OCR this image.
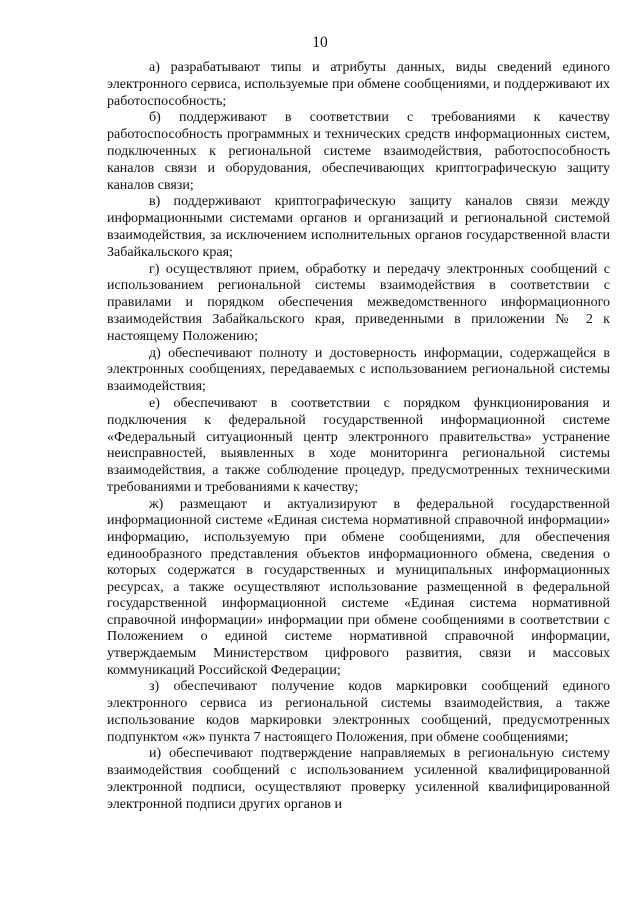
10

а) разрабатывают типы и атрибуты данных, виды сведений единого электронного сервиса, используемые при обмене сообщениями, и поддерживают их работоспособность;

б) поддерживают в соответствии с требованиями к качеству работоспособность программных и технических средств информационных систем, подключенных к региональной системе взаимодействия, работоспособность каналов связи и оборудования, обеспечивающих криптографическую защиту каналов связи;

в) поддерживают криптографическую защиту каналов связи между информационными системами органов и организаций и региональной системой взаимодействия, за исключением исполнительных органов государственной власти Забайкальского края;

г) осуществляют прием, обработку и передачу электронных сообщений с использованием региональной системы взаимодействия в соответствии с правилами и порядком обеспечения межведомственного информационного взаимодействия Забайкальского края, приведенными в приложении № 2 к настоящему Положению;

д) обеспечивают полноту и достоверность информации, содержащейся в электронных сообщениях, передаваемых с использованием региональной системы взаимодействия;

е) обеспечивают в соответствии с порядком функционирования и подключения к федеральной государственной информационной системе «Федеральный ситуационный центр электронного правительства» устранение неисправностей, выявленных в ходе мониторинга региональной системы взаимодействия, а также соблюдение процедур, предусмотренных техническими требованиями и требованиями к качеству;

ж) размещают и актуализируют в федеральной государственной информационной системе «Единая система нормативной справочной информации» информацию, используемую при обмене сообщениями, для обеспечения единообразного представления объектов информационного обмена, сведения о которых содержатся в государственных и муниципальных информационных ресурсах, а также осуществляют использование размещенной в федеральной государственной информационной системе «Единая система нормативной справочной информации» информации при обмене сообщениями в соответствии с Положением о единой системе нормативной справочной информации, утверждаемым Министерством цифрового развития, связи и массовых коммуникаций Российской Федерации;

з) обеспечивают получение кодов маркировки сообщений единого электронного сервиса из региональной системы взаимодействия, а также использование кодов маркировки электронных сообщений, предусмотренных подпунктом «ж» пункта 7 настоящего Положения, при обмене сообщениями;

и) обеспечивают подтверждение направляемых в региональную систему взаимодействия сообщений с использованием усиленной квалифицированной электронной подписи, осуществляют проверку усиленной квалифицированной электронной подписи других органов и
